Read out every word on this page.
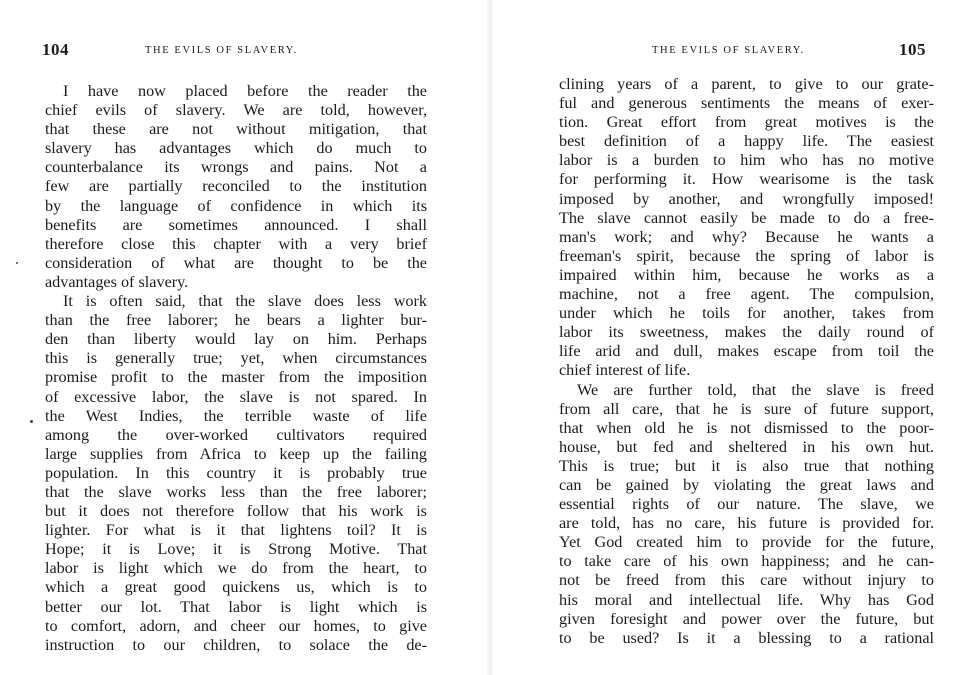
104	THE EVILS OF SLAVERY.
I have now placed before the reader the
chief evils of slavery. We are told, however,
that these are not without mitigation, that
slavery has advantages which do much to
counterbalance its wrongs and pains. Not a
few are partially reconciled to the institution
by the language of confidence in which its
benefits are sometimes announced. I shall
therefore close this chapter with a very brief
consideration of what are thought to be the
advantages of slavery.
It is often said, that the slave does less work
than the free laborer; he bears a lighter bur-
den than liberty would lay on him. Perhaps
this is generally true; yet, when circumstances
promise profit to the master from the imposition
of excessive labor, the slave is not spared. In
the West Indies, the terrible waste of life
among the over-worked cultivators required
large supplies from Africa to keep up the failing
population. In this country it is probably true
that the slave works less than the free laborer;
but it does not therefore follow that his work is
lighter. For what is it that lightens toil? It is
Hope; it is Love; it is Strong Motive. That
labor is light which we do from the heart, to
which a great good quickens us, which is to
better our lot. That labor is light which is
to comfort, adorn, and cheer our homes, to give
instruction to our children, to solace the de-
THE EVILS OF SLAVERY.	105
clining years of a parent, to give to our grate-
ful and generous sentiments the means of exer-
tion. Great effort from great motives is the
best definition of a happy life. The easiest
labor is a burden to him who has no motive
for performing it. How wearisome is the task
imposed by another, and wrongfully imposed!
The slave cannot easily be made to do a free-
man's work; and why? Because he wants a
freeman's spirit, because the spring of labor is
impaired within him, because he works as a
machine, not a free agent. The compulsion,
under which he toils for another, takes from
labor its sweetness, makes the daily round of
life arid and dull, makes escape from toil the
chief interest of life.
We are further told, that the slave is freed
from all care, that he is sure of future support,
that when old he is not dismissed to the poor-
house, but fed and sheltered in his own hut.
This is true; but it is also true that nothing
can be gained by violating the great laws and
essential rights of our nature. The slave, we
are told, has no care, his future is provided for.
Yet God created him to provide for the future,
to take care of his own happiness; and he can-
not be freed from this care without injury to
his moral and intellectual life. Why has God
given foresight and power over the future, but
to be used? Is it a blessing to a rational
